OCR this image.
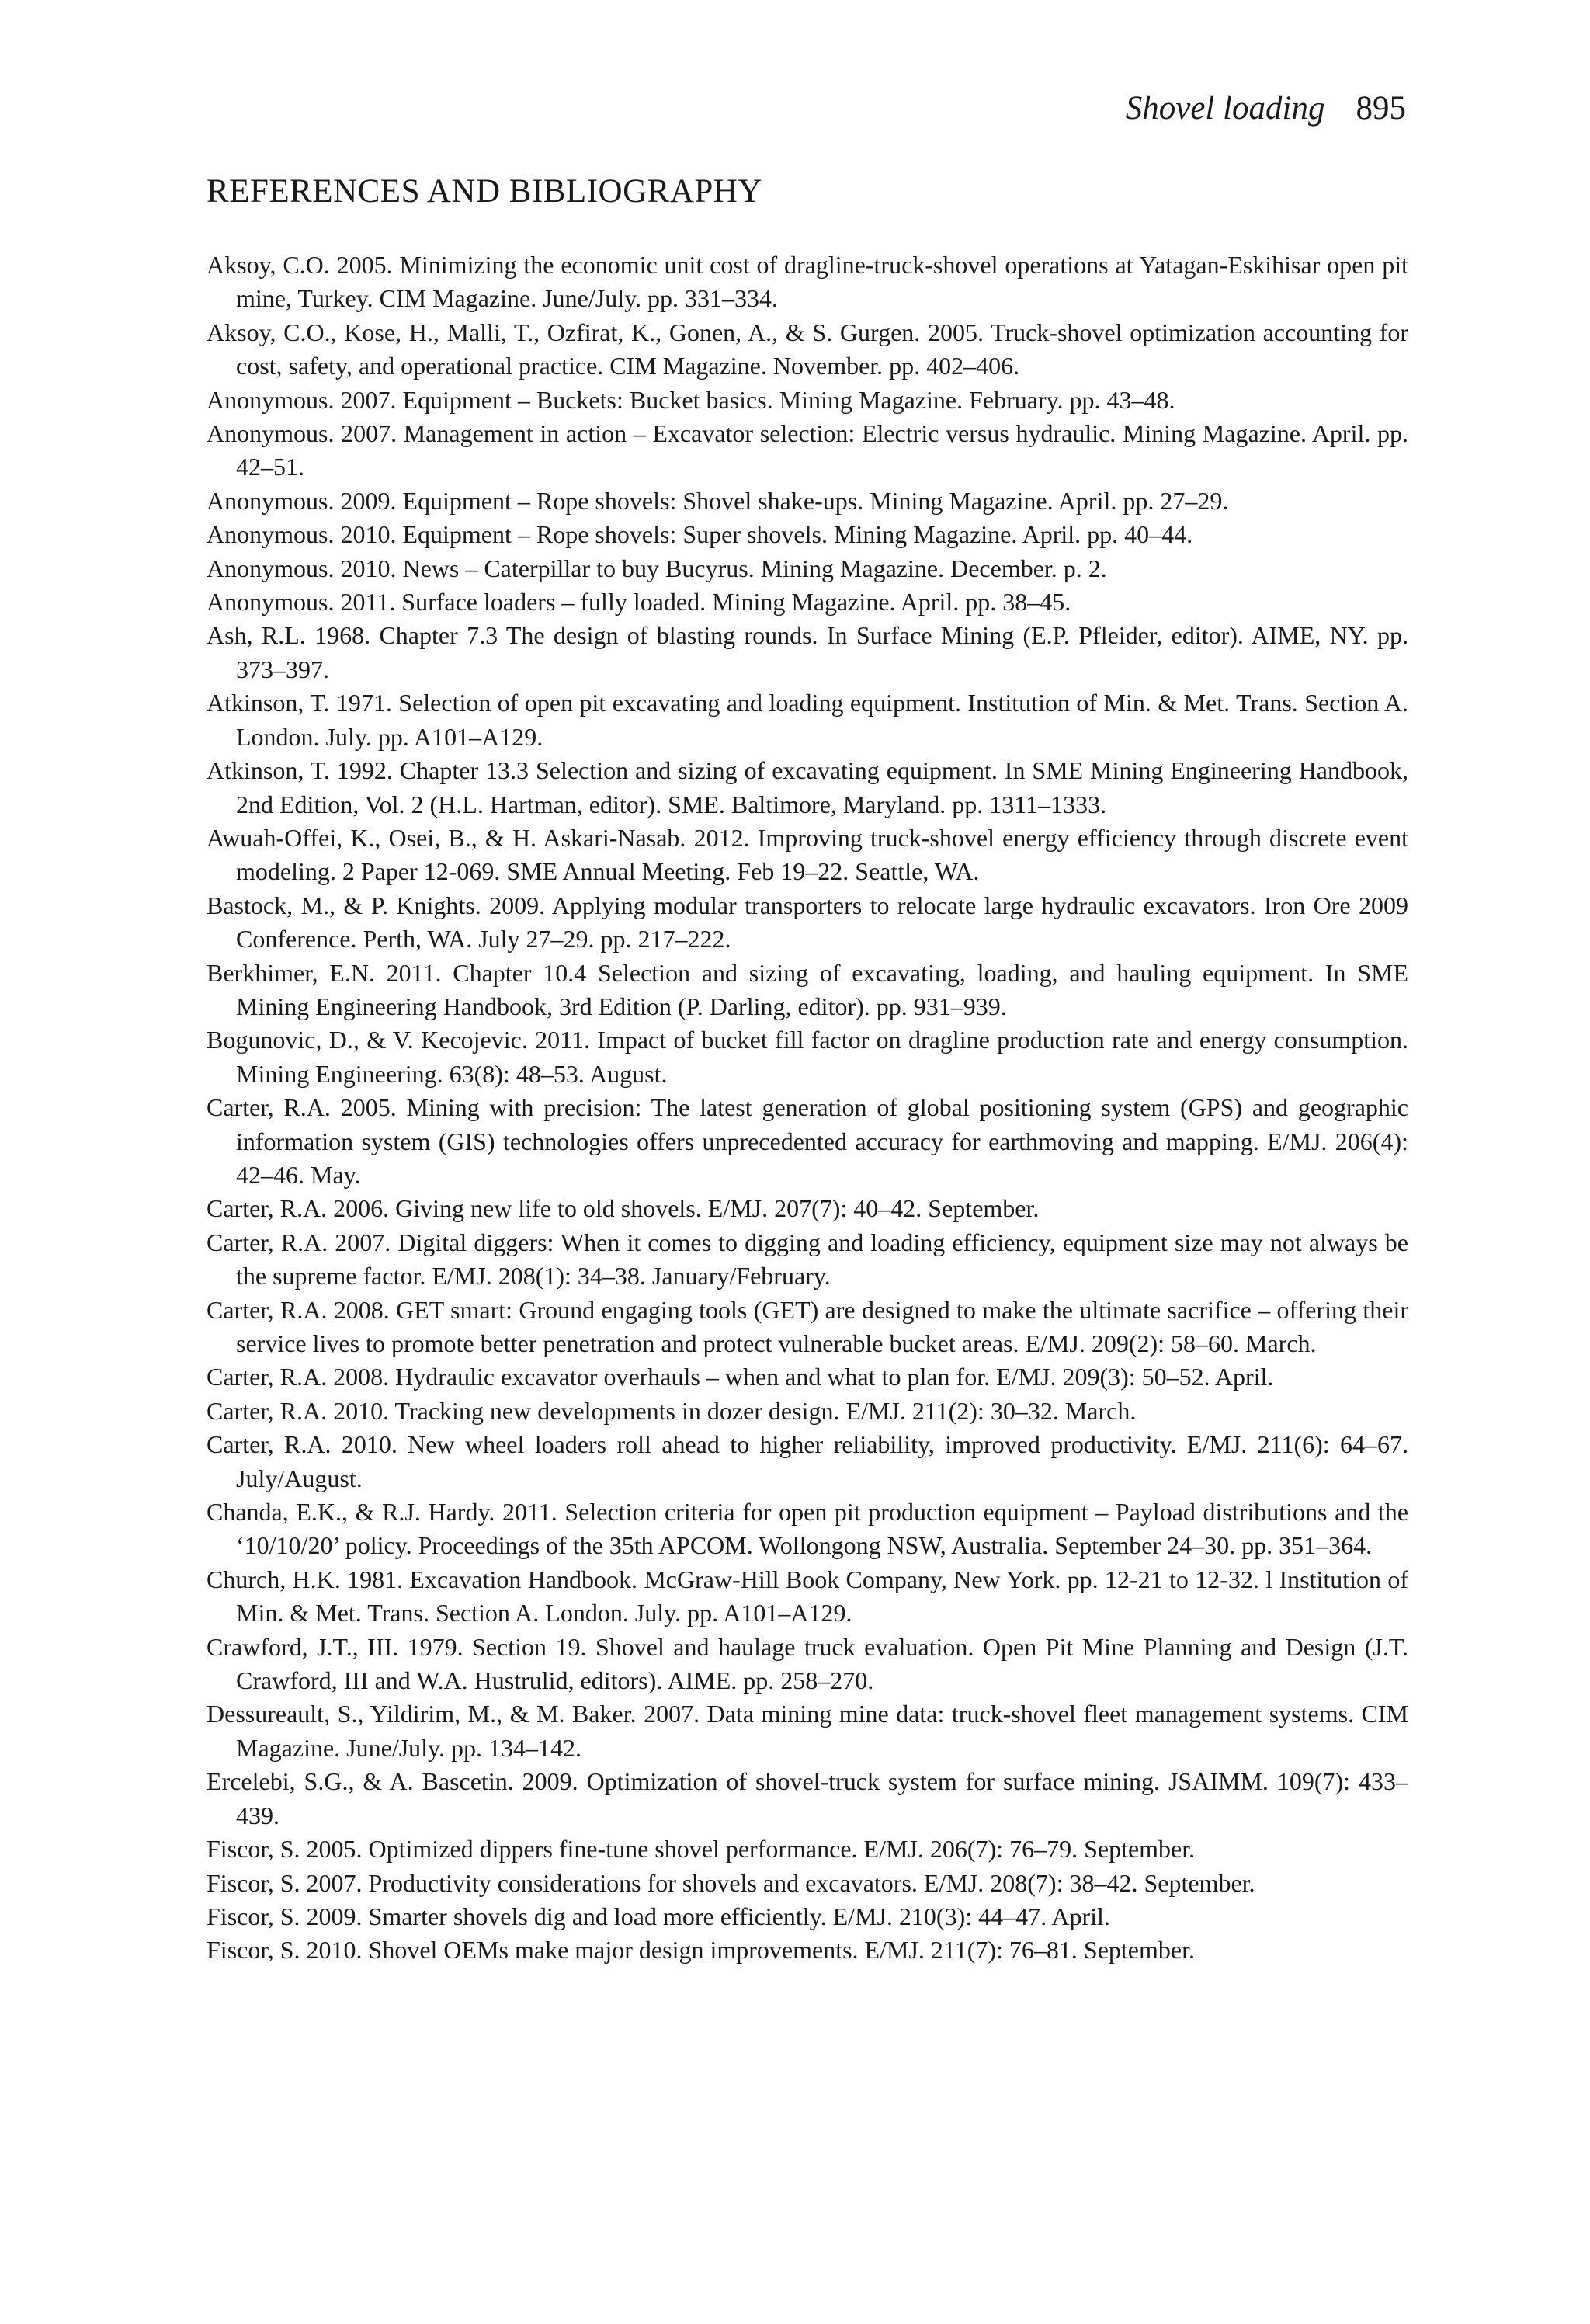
Shovel loading 895
REFERENCES AND BIBLIOGRAPHY
Aksoy, C.O. 2005. Minimizing the economic unit cost of dragline-truck-shovel operations at Yatagan-Eskihisar open pit mine, Turkey. CIM Magazine. June/July. pp. 331–334.
Aksoy, C.O., Kose, H., Malli, T., Ozfirat, K., Gonen, A., & S. Gurgen. 2005. Truck-shovel optimization accounting for cost, safety, and operational practice. CIM Magazine. November. pp. 402–406.
Anonymous. 2007. Equipment – Buckets: Bucket basics. Mining Magazine. February. pp. 43–48.
Anonymous. 2007. Management in action – Excavator selection: Electric versus hydraulic. Mining Magazine. April. pp. 42–51.
Anonymous. 2009. Equipment – Rope shovels: Shovel shake-ups. Mining Magazine. April. pp. 27–29.
Anonymous. 2010. Equipment – Rope shovels: Super shovels. Mining Magazine. April. pp. 40–44.
Anonymous. 2010. News – Caterpillar to buy Bucyrus. Mining Magazine. December. p. 2.
Anonymous. 2011. Surface loaders – fully loaded. Mining Magazine. April. pp. 38–45.
Ash, R.L. 1968. Chapter 7.3 The design of blasting rounds. In Surface Mining (E.P. Pfleider, editor). AIME, NY. pp. 373–397.
Atkinson, T. 1971. Selection of open pit excavating and loading equipment. Institution of Min. & Met. Trans. Section A. London. July. pp. A101–A129.
Atkinson, T. 1992. Chapter 13.3 Selection and sizing of excavating equipment. In SME Mining Engineering Handbook, 2nd Edition, Vol. 2 (H.L. Hartman, editor). SME. Baltimore, Maryland. pp. 1311–1333.
Awuah-Offei, K., Osei, B., & H. Askari-Nasab. 2012. Improving truck-shovel energy efficiency through discrete event modeling. 2 Paper 12-069. SME Annual Meeting. Feb 19–22. Seattle, WA.
Bastock, M., & P. Knights. 2009. Applying modular transporters to relocate large hydraulic excavators. Iron Ore 2009 Conference. Perth, WA. July 27–29. pp. 217–222.
Berkhimer, E.N. 2011. Chapter 10.4 Selection and sizing of excavating, loading, and hauling equipment. In SME Mining Engineering Handbook, 3rd Edition (P. Darling, editor). pp. 931–939.
Bogunovic, D., & V. Kecojevic. 2011. Impact of bucket fill factor on dragline production rate and energy consumption. Mining Engineering. 63(8): 48–53. August.
Carter, R.A. 2005. Mining with precision: The latest generation of global positioning system (GPS) and geographic information system (GIS) technologies offers unprecedented accuracy for earthmoving and mapping. E/MJ. 206(4): 42–46. May.
Carter, R.A. 2006. Giving new life to old shovels. E/MJ. 207(7): 40–42. September.
Carter, R.A. 2007. Digital diggers: When it comes to digging and loading efficiency, equipment size may not always be the supreme factor. E/MJ. 208(1): 34–38. January/February.
Carter, R.A. 2008. GET smart: Ground engaging tools (GET) are designed to make the ultimate sacrifice – offering their service lives to promote better penetration and protect vulnerable bucket areas. E/MJ. 209(2): 58–60. March.
Carter, R.A. 2008. Hydraulic excavator overhauls – when and what to plan for. E/MJ. 209(3): 50–52. April.
Carter, R.A. 2010. Tracking new developments in dozer design. E/MJ. 211(2): 30–32. March.
Carter, R.A. 2010. New wheel loaders roll ahead to higher reliability, improved productivity. E/MJ. 211(6): 64–67. July/August.
Chanda, E.K., & R.J. Hardy. 2011. Selection criteria for open pit production equipment – Payload distributions and the ‘10/10/20’ policy. Proceedings of the 35th APCOM. Wollongong NSW, Australia. September 24–30. pp. 351–364.
Church, H.K. 1981. Excavation Handbook. McGraw-Hill Book Company, New York. pp. 12-21 to 12-32. l Institution of Min. & Met. Trans. Section A. London. July. pp. A101–A129.
Crawford, J.T., III. 1979. Section 19. Shovel and haulage truck evaluation. Open Pit Mine Planning and Design (J.T. Crawford, III and W.A. Hustrulid, editors). AIME. pp. 258–270.
Dessureault, S., Yildirim, M., & M. Baker. 2007. Data mining mine data: truck-shovel fleet management systems. CIM Magazine. June/July. pp. 134–142.
Ercelebi, S.G., & A. Bascetin. 2009. Optimization of shovel-truck system for surface mining. JSAIMM. 109(7): 433–439.
Fiscor, S. 2005. Optimized dippers fine-tune shovel performance. E/MJ. 206(7): 76–79. September.
Fiscor, S. 2007. Productivity considerations for shovels and excavators. E/MJ. 208(7): 38–42. September.
Fiscor, S. 2009. Smarter shovels dig and load more efficiently. E/MJ. 210(3): 44–47. April.
Fiscor, S. 2010. Shovel OEMs make major design improvements. E/MJ. 211(7): 76–81. September.
